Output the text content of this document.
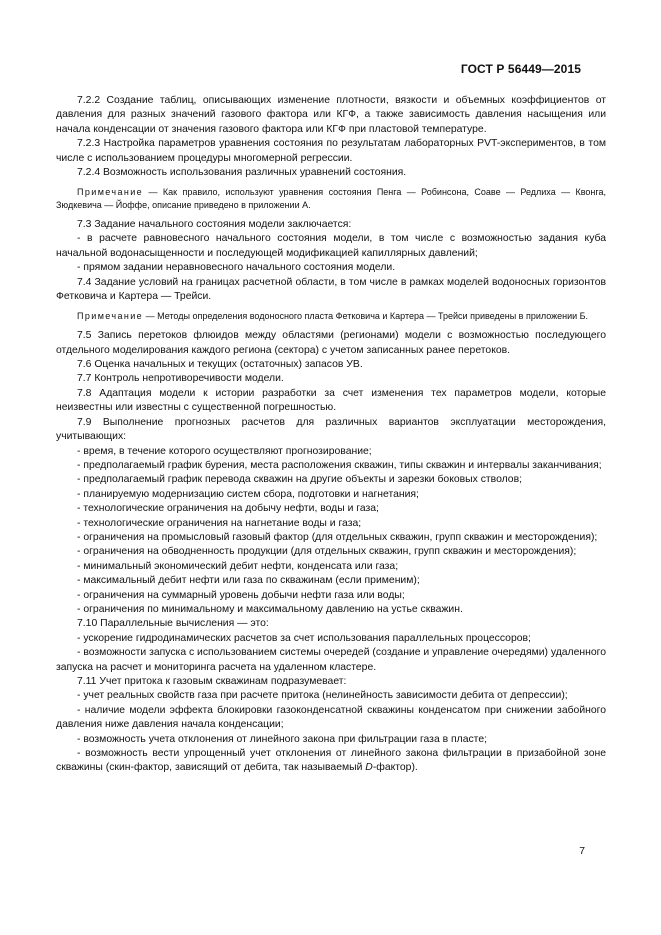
ГОСТ Р 56449—2015

7.2.2 Создание таблиц, описывающих изменение плотности, вязкости и объемных коэффициентов от давления для разных значений газового фактора или КГФ, а также зависимость давления насыщения или начала конденсации от значения газового фактора или КГФ при пластовой температуре.

7.2.3 Настройка параметров уравнения состояния по результатам лабораторных PVT-экспериментов, в том числе с использованием процедуры многомерной регрессии.

7.2.4 Возможность использования различных уравнений состояния.

Примечание — Как правило, используют уравнения состояния Пенга — Робинсона, Соаве — Редлиха — Квонга, Зюдкевича — Йоффе, описание приведено в приложении А.

7.3 Задание начального состояния модели заключается:

- в расчете равновесного начального состояния модели, в том числе с возможностью задания куба начальной водонасыщенности и последующей модификацией капиллярных давлений;

- прямом задании неравновесного начального состояния модели.

7.4 Задание условий на границах расчетной области, в том числе в рамках моделей водоносных горизонтов Фетковича и Картера — Трейси.

Примечание — Методы определения водоносного пласта Фетковича и Картера — Трейси приведены в приложении Б.

7.5 Запись перетоков флюидов между областями (регионами) модели с возможностью последующего отдельного моделирования каждого региона (сектора) с учетом записанных ранее перетоков.

7.6 Оценка начальных и текущих (остаточных) запасов УВ.

7.7 Контроль непротиворечивости модели.

7.8 Адаптация модели к истории разработки за счет изменения тех параметров модели, которые неизвестны или известны с существенной погрешностью.

7.9 Выполнение прогнозных расчетов для различных вариантов эксплуатации месторождения, учитывающих:

- время, в течение которого осуществляют прогнозирование;

- предполагаемый график бурения, места расположения скважин, типы скважин и интервалы заканчивания;

- предполагаемый график перевода скважин на другие объекты и зарезки боковых стволов;

- планируемую модернизацию систем сбора, подготовки и нагнетания;

- технологические ограничения на добычу нефти, воды и газа;

- технологические ограничения на нагнетание воды и газа;

- ограничения на промысловый газовый фактор (для отдельных скважин, групп скважин и месторождения);

- ограничения на обводненность продукции (для отдельных скважин, групп скважин и месторождения);

- минимальный экономический дебит нефти, конденсата или газа;

- максимальный дебит нефти или газа по скважинам (если применим);

- ограничения на суммарный уровень добычи нефти газа или воды;

- ограничения по минимальному и максимальному давлению на устье скважин.

7.10 Параллельные вычисления — это:

- ускорение гидродинамических расчетов за счет использования параллельных процессоров;

- возможности запуска с использованием системы очередей (создание и управление очередями) удаленного запуска на расчет и мониторинга расчета на удаленном кластере.

7.11 Учет притока к газовым скважинам подразумевает:

- учет реальных свойств газа при расчете притока (нелинейность зависимости дебита от депрессии);

- наличие модели эффекта блокировки газоконденсатной скважины конденсатом при снижении забойного давления ниже давления начала конденсации;

- возможность учета отклонения от линейного закона при фильтрации газа в пласте;

- возможность вести упрощенный учет отклонения от линейного закона фильтрации в призабойной зоне скважины (скин-фактор, зависящий от дебита, так называемый D-фактор).

7
